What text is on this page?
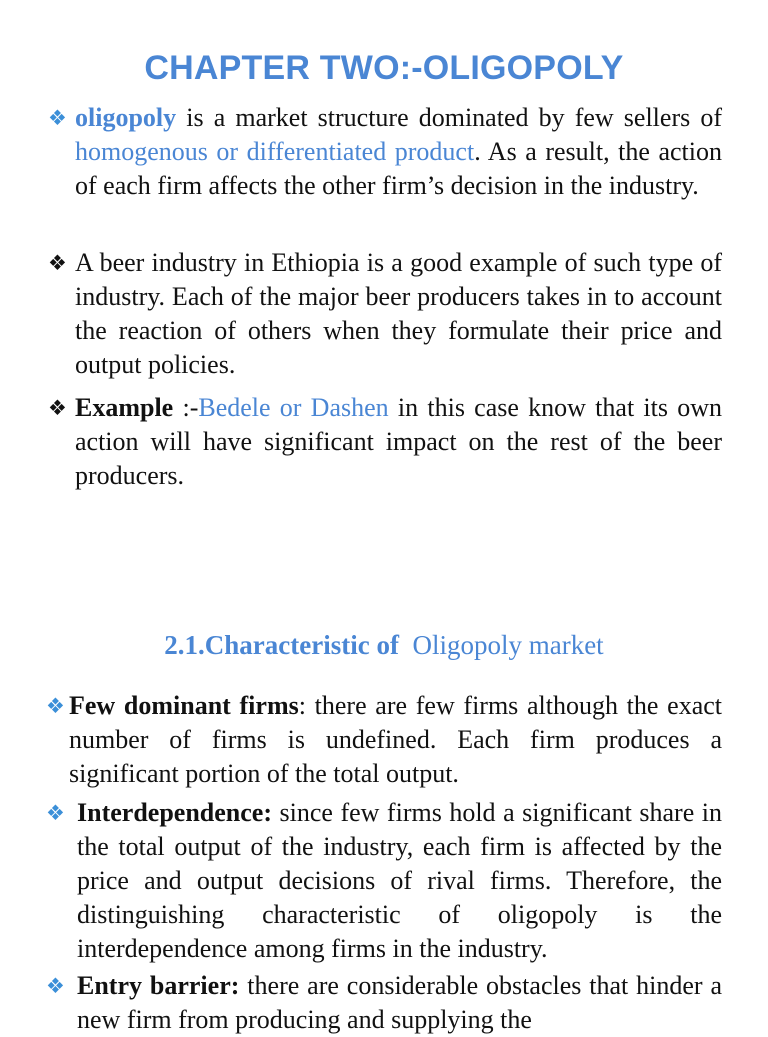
CHAPTER TWO:-OLIGOPOLY
❖ oligopoly is a market structure dominated by few sellers of homogenous or differentiated product. As a result, the action of each firm affects the other firm’s decision in the industry.
❖ A beer industry in Ethiopia is a good example of such type of industry. Each of the major beer producers takes in to account the reaction of others when they formulate their price and output policies.
❖ Example :-Bedele or Dashen in this case know that its own action will have significant impact on the rest of the beer producers.
2.1.Characteristic of Oligopoly market
❖ Few dominant firms: there are few firms although the exact number of firms is undefined. Each firm produces a significant portion of the total output.
❖ Interdependence: since few firms hold a significant share in the total output of the industry, each firm is affected by the price and output decisions of rival firms. Therefore, the distinguishing characteristic of oligopoly is the interdependence among firms in the industry.
❖ Entry barrier: there are considerable obstacles that hinder a new firm from producing and supplying the
